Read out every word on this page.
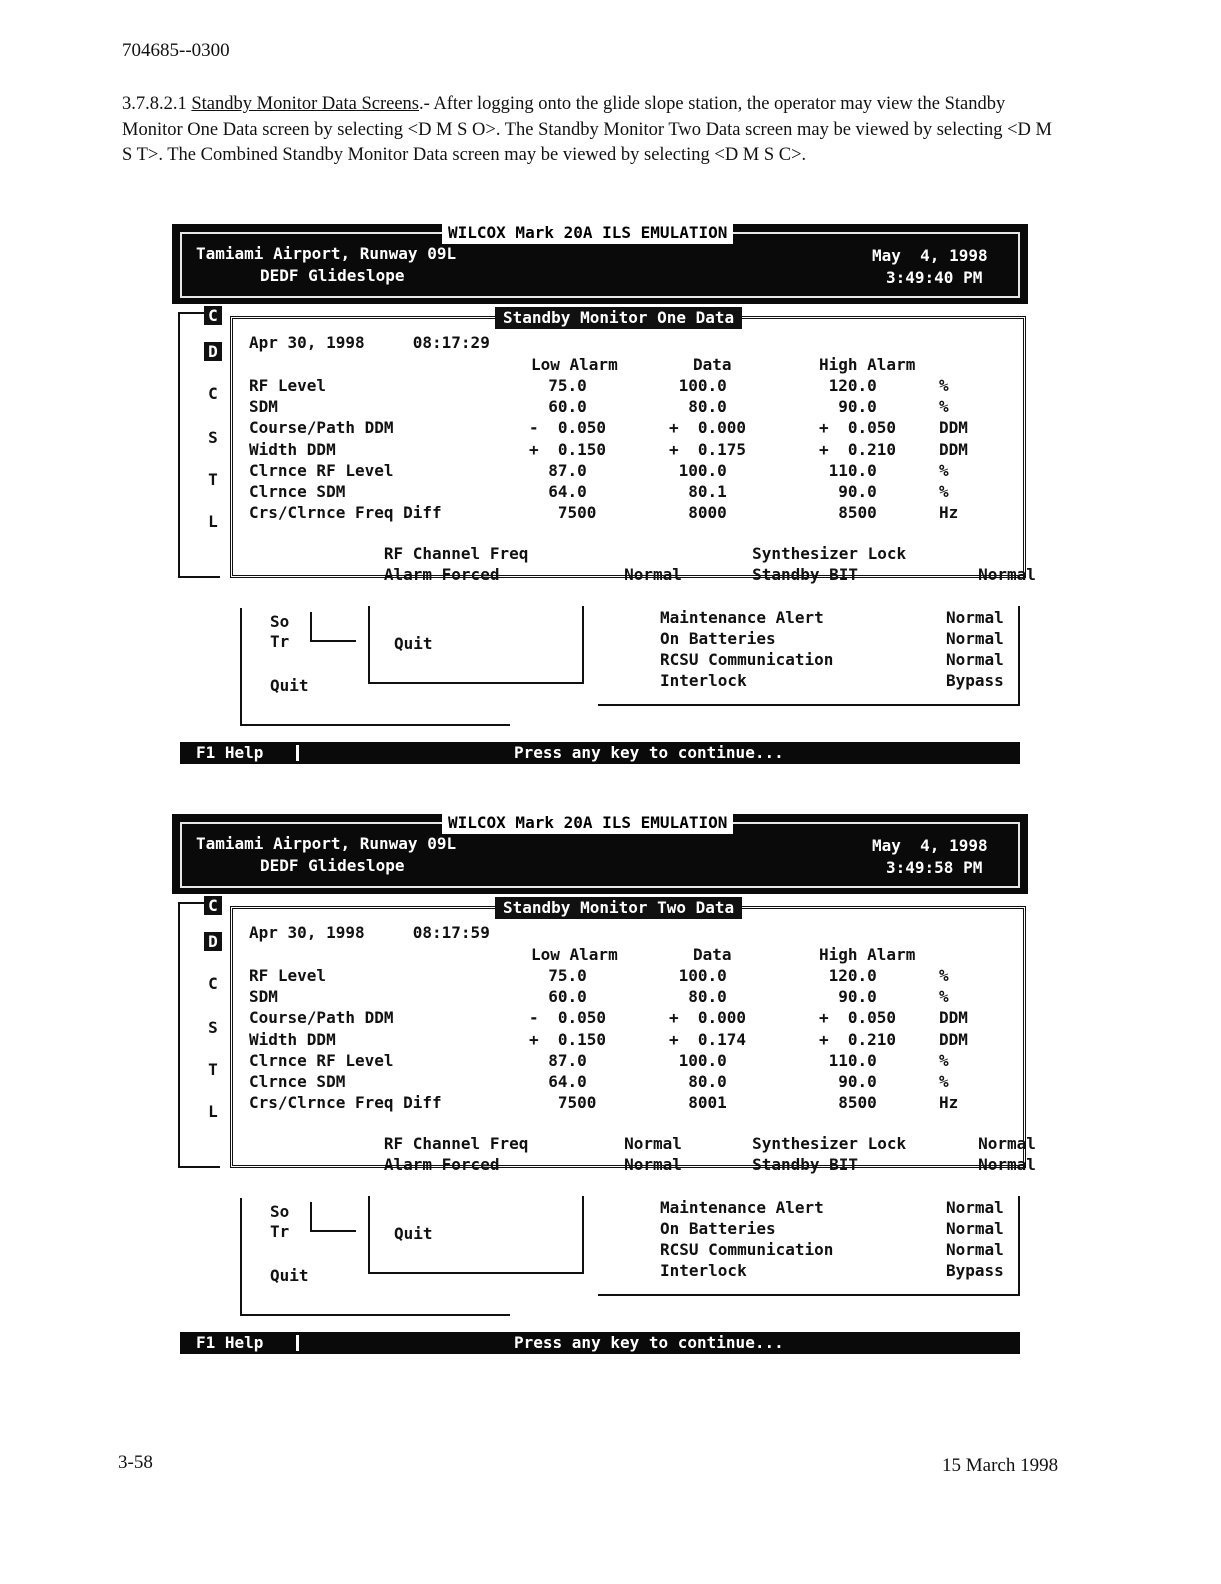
704685--0300
3.7.8.2.1 Standby Monitor Data Screens.- After logging onto the glide slope station, the operator may view the Standby Monitor One Data screen by selecting <D M S O>. The Standby Monitor Two Data screen may be viewed by selecting <D M S T>. The Combined Standby Monitor Data screen may be viewed by selecting <D M S C>.
WILCOX Mark 20A ILS EMULATION
Tamiami Airport, Runway 09L
DEDF Glideslope
May  4, 1998
3:49:40 PM
C
D
C
S
T
L
Standby Monitor One Data
Apr 30, 1998     08:17:29
Low Alarm	Data	High Alarm
RF Level	75.0	100.0	120.0	%
SDM	60.0	80.0	90.0	%
Course/Path DDM	-  0.050	+  0.000	+  0.050	DDM
Width DDM	+  0.150	+  0.175	+  0.210	DDM
Clrnce RF Level	87.0	100.0	110.0	%
Clrnce SDM	64.0	80.1	90.0	%
Crs/Clrnce Freq Diff	7500	8000	8500	Hz

RF Channel Freq	Synthesizer Lock

Alarm Forced	Normal	Standby BIT	Normal

So
Tr
Quit
Quit
Maintenance Alert	Normal
On Batteries	Normal
RCSU Communication	Normal
Interlock	Bypass
F1 Help	Press any key to continue...
WILCOX Mark 20A ILS EMULATION
Tamiami Airport, Runway 09L
DEDF Glideslope
May  4, 1998
3:49:58 PM
C
D
C
S
T
L
Standby Monitor Two Data
Apr 30, 1998     08:17:59
Low Alarm	Data	High Alarm
RF Level	75.0	100.0	120.0	%
SDM	60.0	80.0	90.0	%
Course/Path DDM	-  0.050	+  0.000	+  0.050	DDM
Width DDM	+  0.150	+  0.174	+  0.210	DDM
Clrnce RF Level	87.0	100.0	110.0	%
Clrnce SDM	64.0	80.0	90.0	%
Crs/Clrnce Freq Diff	7500	8001	8500	Hz

RF Channel Freq	Normal	Synthesizer Lock	Normal

Alarm Forced	Normal	Standby BIT	Normal

So
Tr
Quit
Quit
Maintenance Alert	Normal
On Batteries	Normal
RCSU Communication	Normal
Interlock	Bypass
F1 Help	Press any key to continue...
3-58	15 March 1998
